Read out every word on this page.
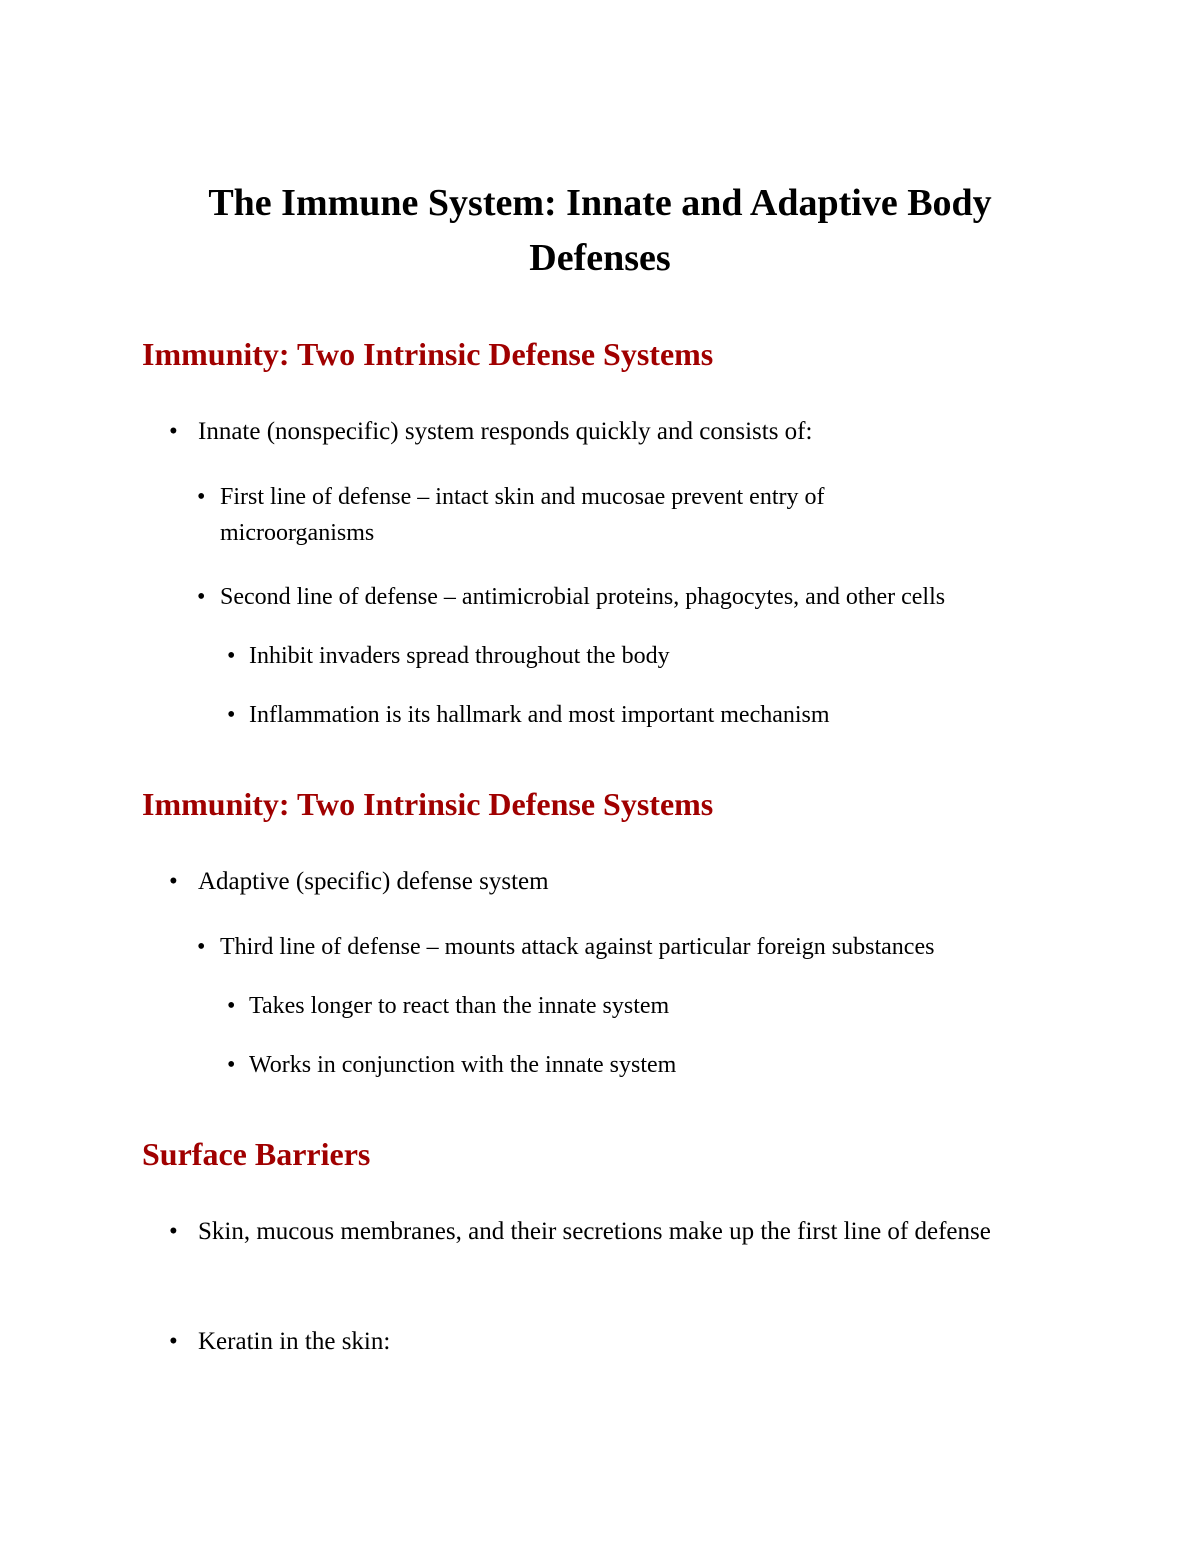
The Immune System: Innate and Adaptive Body Defenses
Immunity: Two Intrinsic Defense Systems

• Innate (nonspecific) system responds quickly and consists of:

• First line of defense – intact skin and mucosae prevent entry of microorganisms

• Second line of defense – antimicrobial proteins, phagocytes, and other cells

• Inhibit invaders spread throughout the body

• Inflammation is its hallmark and most important mechanism

Immunity: Two Intrinsic Defense Systems

• Adaptive (specific) defense system

• Third line of defense – mounts attack against particular foreign substances

• Takes longer to react than the innate system

• Works in conjunction with the innate system

Surface Barriers

• Skin, mucous membranes, and their secretions make up the first line of defense

• Keratin in the skin:
